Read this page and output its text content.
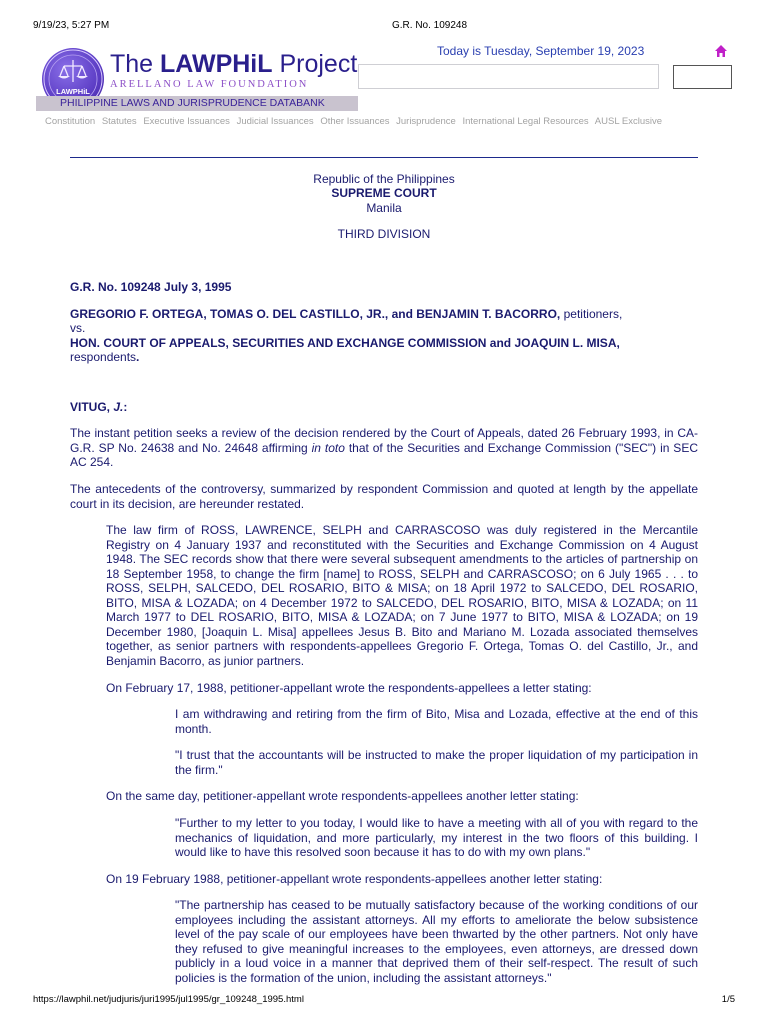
9/19/23, 5:27 PM	G.R. No. 109248
LAWPHiL
The LAWPHiL Project
ARELLANO LAW FOUNDATION
PHILIPPINE LAWS AND JURISPRUDENCE DATABANK
Today is Tuesday, September 19, 2023
Constitution Statutes Executive Issuances Judicial Issuances Other Issuances Jurisprudence International Legal Resources AUSL Exclusive
Republic of the Philippines
SUPREME COURT
Manila
THIRD DIVISION
G.R. No. 109248 July 3, 1995
GREGORIO F. ORTEGA, TOMAS O. DEL CASTILLO, JR., and BENJAMIN T. BACORRO, petitioners,
vs.
HON. COURT OF APPEALS, SECURITIES AND EXCHANGE COMMISSION and JOAQUIN L. MISA,
respondents.
VITUG, J.:
The instant petition seeks a review of the decision rendered by the Court of Appeals, dated 26 February 1993, in CA-G.R. SP No. 24638 and No. 24648 affirming in toto that of the Securities and Exchange Commission ("SEC") in SEC AC 254.
The antecedents of the controversy, summarized by respondent Commission and quoted at length by the appellate court in its decision, are hereunder restated.
The law firm of ROSS, LAWRENCE, SELPH and CARRASCOSO was duly registered in the Mercantile Registry on 4 January 1937 and reconstituted with the Securities and Exchange Commission on 4 August 1948. The SEC records show that there were several subsequent amendments to the articles of partnership on 18 September 1958, to change the firm [name] to ROSS, SELPH and CARRASCOSO; on 6 July 1965 . . . to ROSS, SELPH, SALCEDO, DEL ROSARIO, BITO & MISA; on 18 April 1972 to SALCEDO, DEL ROSARIO, BITO, MISA & LOZADA; on 4 December 1972 to SALCEDO, DEL ROSARIO, BITO, MISA & LOZADA; on 11 March 1977 to DEL ROSARIO, BITO, MISA & LOZADA; on 7 June 1977 to BITO, MISA & LOZADA; on 19 December 1980, [Joaquin L. Misa] appellees Jesus B. Bito and Mariano M. Lozada associated themselves together, as senior partners with respondents-appellees Gregorio F. Ortega, Tomas O. del Castillo, Jr., and Benjamin Bacorro, as junior partners.
On February 17, 1988, petitioner-appellant wrote the respondents-appellees a letter stating:
I am withdrawing and retiring from the firm of Bito, Misa and Lozada, effective at the end of this month.
"I trust that the accountants will be instructed to make the proper liquidation of my participation in the firm."
On the same day, petitioner-appellant wrote respondents-appellees another letter stating:
"Further to my letter to you today, I would like to have a meeting with all of you with regard to the mechanics of liquidation, and more particularly, my interest in the two floors of this building. I would like to have this resolved soon because it has to do with my own plans."
On 19 February 1988, petitioner-appellant wrote respondents-appellees another letter stating:
"The partnership has ceased to be mutually satisfactory because of the working conditions of our employees including the assistant attorneys. All my efforts to ameliorate the below subsistence level of the pay scale of our employees have been thwarted by the other partners. Not only have they refused to give meaningful increases to the employees, even attorneys, are dressed down publicly in a loud voice in a manner that deprived them of their self-respect. The result of such policies is the formation of the union, including the assistant attorneys."
https://lawphil.net/judjuris/juri1995/jul1995/gr_109248_1995.html	1/5
